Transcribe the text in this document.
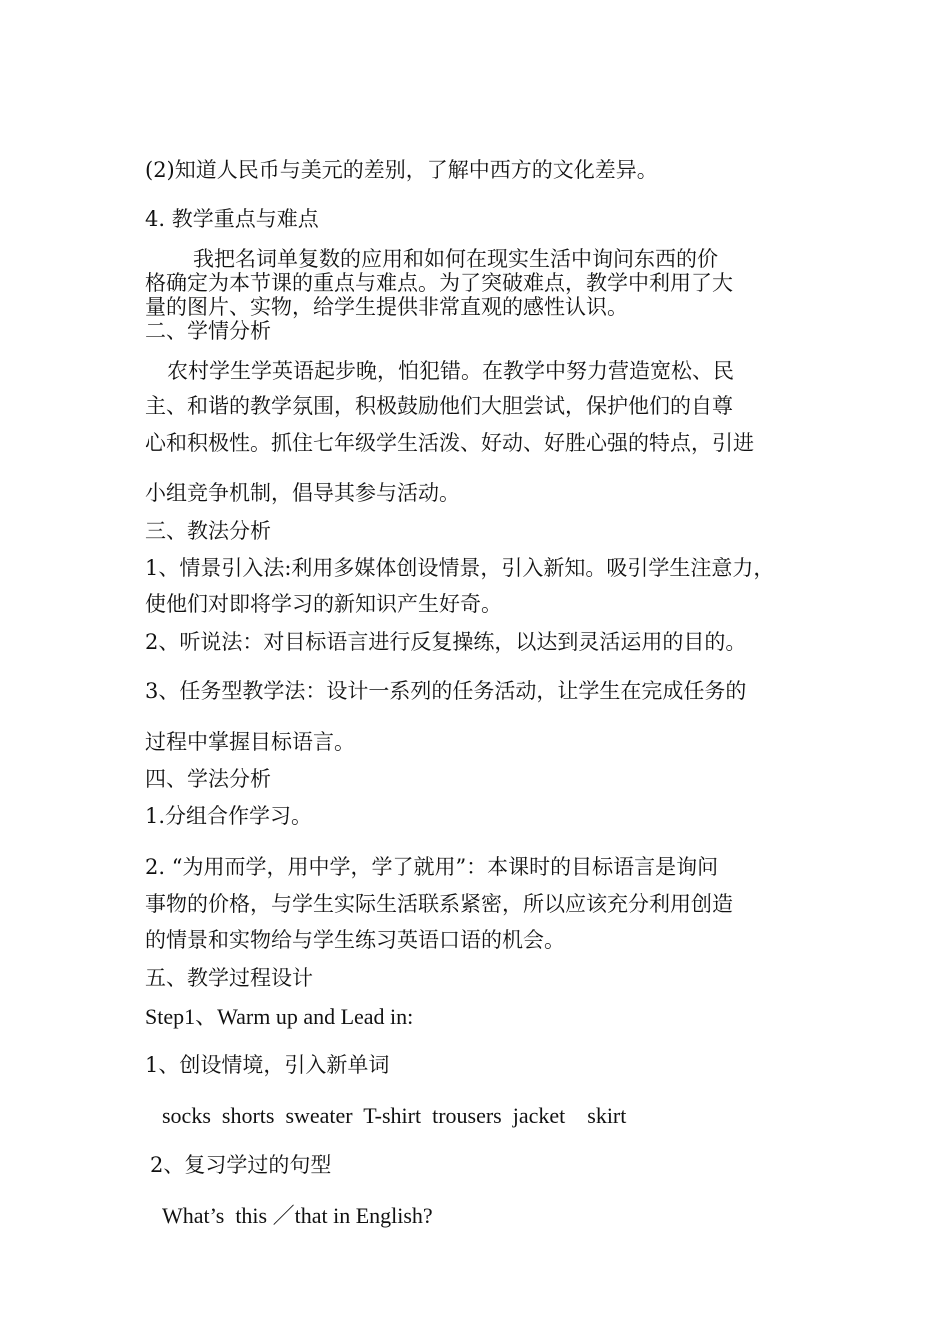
(2)知道人民币与美元的差别，了解中西方的文化差异。

4. 教学重点与难点

我把名词单复数的应用和如何在现实生活中询问东西的价

格确定为本节课的重点与难点。为了突破难点，教学中利用了大

量的图片、实物，给学生提供非常直观的感性认识。

二、学情分析

农村学生学英语起步晚，怕犯错。在教学中努力营造宽松、民

主、和谐的教学氛围，积极鼓励他们大胆尝试，保护他们的自尊

心和积极性。抓住七年级学生活泼、好动、好胜心强的特点，引进

小组竞争机制，倡导其参与活动。

三、教法分析

1、情景引入法:利用多媒体创设情景，引入新知。吸引学生注意力，

使他们对即将学习的新知识产生好奇。

2、听说法：对目标语言进行反复操练，以达到灵活运用的目的。

3、任务型教学法：设计一系列的任务活动，让学生在完成任务的

过程中掌握目标语言。

四、学法分析

1.分组合作学习。

2. “为用而学，用中学，学了就用”：本课时的目标语言是询问

事物的价格，与学生实际生活联系紧密，所以应该充分利用创造

的情景和实物给与学生练习英语口语的机会。

五、教学过程设计

Step1、Warm up and Lead in:

1、创设情境，引入新单词

socks  shorts  sweater  T-shirt  trousers  jacket    skirt

2、复习学过的句型

What’s  this ／that in English?
